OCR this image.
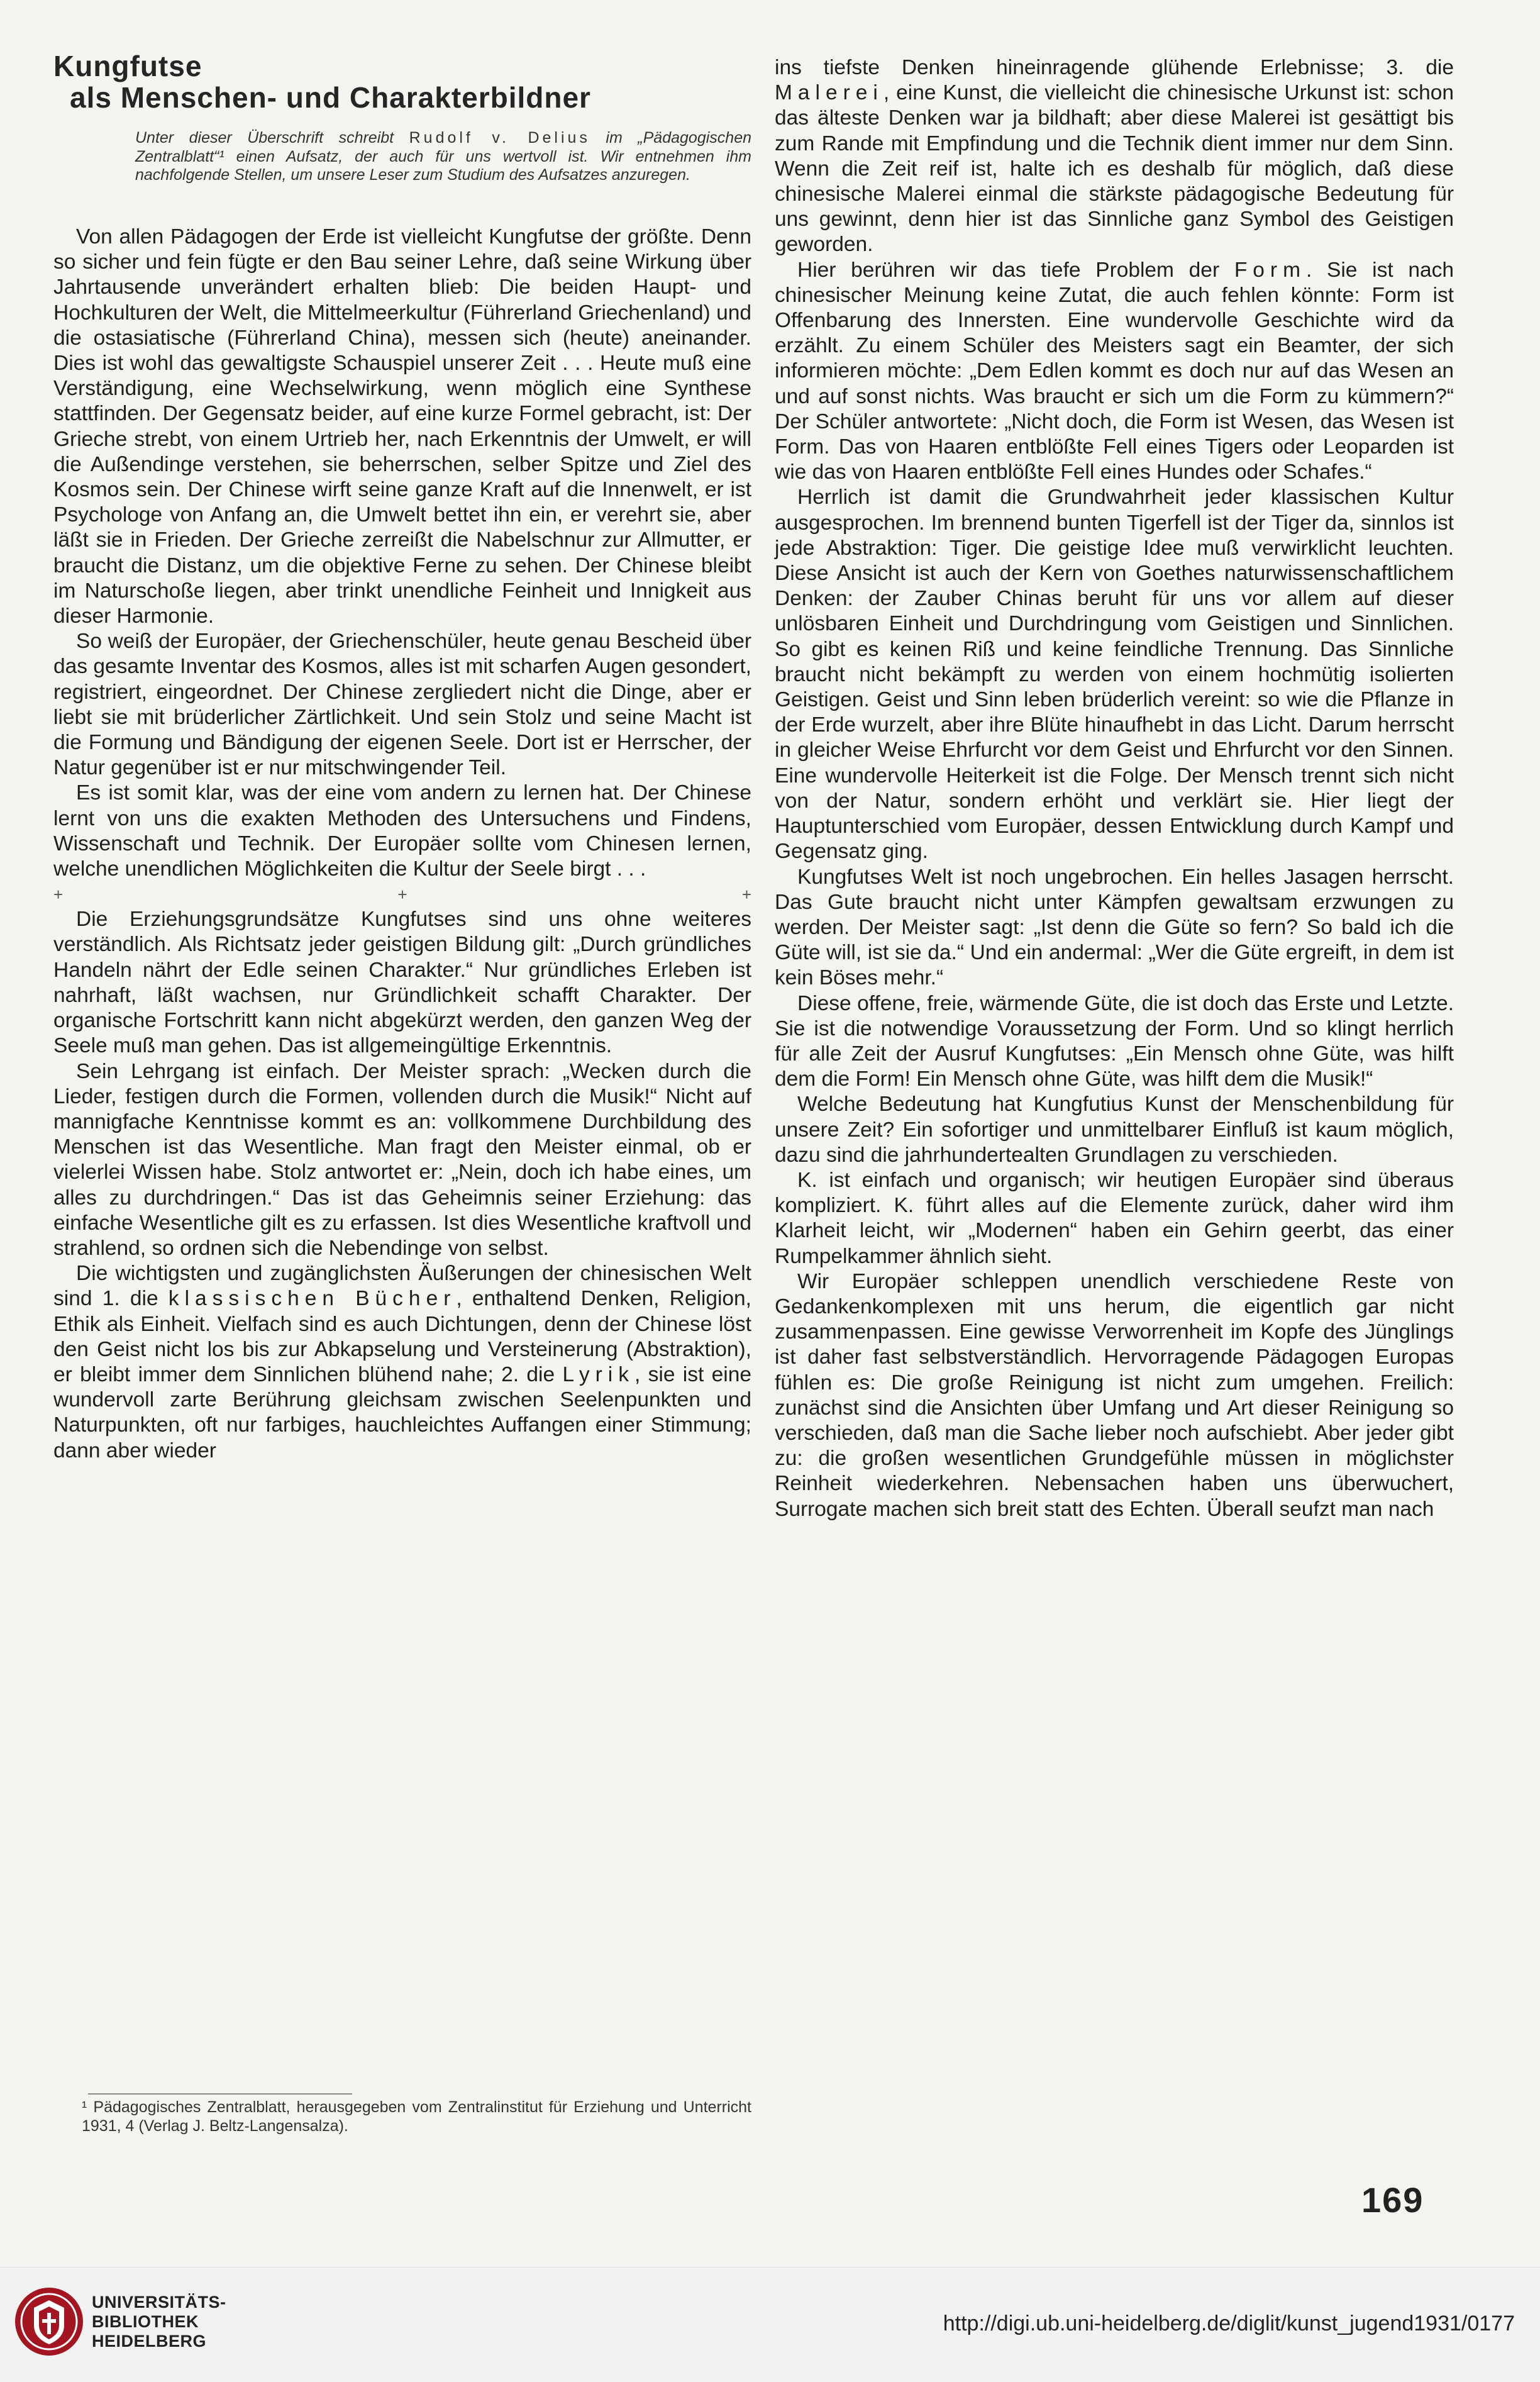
Kungfutse
als Menschen- und Charakterbildner
Unter dieser Überschrift schreibt Rudolf v. Delius im „Pädagogischen Zentralblatt“¹ einen Aufsatz, der auch für uns wertvoll ist. Wir entnehmen ihm nachfolgende Stellen, um unsere Leser zum Studium des Aufsatzes anzuregen.

Von allen Pädagogen der Erde ist vielleicht Kungfutse der größte. Denn so sicher und fein fügte er den Bau seiner Lehre, daß seine Wirkung über Jahrtausende unverändert erhalten blieb: Die beiden Haupt- und Hochkulturen der Welt, die Mittelmeerkultur (Führerland Griechenland) und die ostasiatische (Führerland China), messen sich (heute) aneinander. Dies ist wohl das gewaltigste Schauspiel unserer Zeit . . . Heute muß eine Verständigung, eine Wechselwirkung, wenn möglich eine Synthese stattfinden. Der Gegensatz beider, auf eine kurze Formel gebracht, ist: Der Grieche strebt, von einem Urtrieb her, nach Erkenntnis der Umwelt, er will die Außendinge verstehen, sie beherrschen, selber Spitze und Ziel des Kosmos sein. Der Chinese wirft seine ganze Kraft auf die Innenwelt, er ist Psychologe von Anfang an, die Umwelt bettet ihn ein, er verehrt sie, aber läßt sie in Frieden. Der Grieche zerreißt die Nabelschnur zur Allmutter, er braucht die Distanz, um die objektive Ferne zu sehen. Der Chinese bleibt im Naturschoße liegen, aber trinkt unendliche Feinheit und Innigkeit aus dieser Harmonie.

So weiß der Europäer, der Griechenschüler, heute genau Bescheid über das gesamte Inventar des Kosmos, alles ist mit scharfen Augen gesondert, registriert, eingeordnet. Der Chinese zergliedert nicht die Dinge, aber er liebt sie mit brüderlicher Zärtlichkeit. Und sein Stolz und seine Macht ist die Formung und Bändigung der eigenen Seele. Dort ist er Herrscher, der Natur gegenüber ist er nur mitschwingender Teil.

Es ist somit klar, was der eine vom andern zu lernen hat. Der Chinese lernt von uns die exakten Methoden des Untersuchens und Findens, Wissenschaft und Technik. Der Europäer sollte vom Chinesen lernen, welche unendlichen Möglichkeiten die Kultur der Seele birgt . . .

+	+	+

Die Erziehungsgrundsätze Kungfutses sind uns ohne weiteres verständlich. Als Richtsatz jeder geistigen Bildung gilt: „Durch gründliches Handeln nährt der Edle seinen Charakter.“ Nur gründliches Erleben ist nahrhaft, läßt wachsen, nur Gründlichkeit schafft Charakter. Der organische Fortschritt kann nicht abgekürzt werden, den ganzen Weg der Seele muß man gehen. Das ist allgemeingültige Erkenntnis.

Sein Lehrgang ist einfach. Der Meister sprach: „Wecken durch die Lieder, festigen durch die Formen, vollenden durch die Musik!“ Nicht auf mannigfache Kenntnisse kommt es an: vollkommene Durchbildung des Menschen ist das Wesentliche. Man fragt den Meister einmal, ob er vielerlei Wissen habe. Stolz antwortet er: „Nein, doch ich habe eines, um alles zu durchdringen.“ Das ist das Geheimnis seiner Erziehung: das einfache Wesentliche gilt es zu erfassen. Ist dies Wesentliche kraftvoll und strahlend, so ordnen sich die Nebendinge von selbst.

Die wichtigsten und zugänglichsten Äußerungen der chinesischen Welt sind 1. die klassischen Bücher, enthaltend Denken, Religion, Ethik als Einheit. Vielfach sind es auch Dichtungen, denn der Chinese löst den Geist nicht los bis zur Abkapselung und Versteinerung (Abstraktion), er bleibt immer dem Sinnlichen blühend nahe; 2. die Lyrik, sie ist eine wundervoll zarte Berührung gleichsam zwischen Seelenpunkten und Naturpunkten, oft nur farbiges, hauchleichtes Auffangen einer Stimmung; dann aber wieder

¹ Pädagogisches Zentralblatt, herausgegeben vom Zentralinstitut für Erziehung und Unterricht 1931, 4 (Verlag J. Beltz-Langensalza).

ins tiefste Denken hineinragende glühende Erlebnisse; 3. die Malerei, eine Kunst, die vielleicht die chinesische Urkunst ist: schon das älteste Denken war ja bildhaft; aber diese Malerei ist gesättigt bis zum Rande mit Empfindung und die Technik dient immer nur dem Sinn. Wenn die Zeit reif ist, halte ich es deshalb für möglich, daß diese chinesische Malerei einmal die stärkste pädagogische Bedeutung für uns gewinnt, denn hier ist das Sinnliche ganz Symbol des Geistigen geworden.

Hier berühren wir das tiefe Problem der Form. Sie ist nach chinesischer Meinung keine Zutat, die auch fehlen könnte: Form ist Offenbarung des Innersten. Eine wundervolle Geschichte wird da erzählt. Zu einem Schüler des Meisters sagt ein Beamter, der sich informieren möchte: „Dem Edlen kommt es doch nur auf das Wesen an und auf sonst nichts. Was braucht er sich um die Form zu kümmern?“ Der Schüler antwortete: „Nicht doch, die Form ist Wesen, das Wesen ist Form. Das von Haaren entblößte Fell eines Tigers oder Leoparden ist wie das von Haaren entblößte Fell eines Hundes oder Schafes.“

Herrlich ist damit die Grundwahrheit jeder klassischen Kultur ausgesprochen. Im brennend bunten Tigerfell ist der Tiger da, sinnlos ist jede Abstraktion: Tiger. Die geistige Idee muß verwirklicht leuchten. Diese Ansicht ist auch der Kern von Goethes naturwissenschaftlichem Denken: der Zauber Chinas beruht für uns vor allem auf dieser unlösbaren Einheit und Durchdringung vom Geistigen und Sinnlichen. So gibt es keinen Riß und keine feindliche Trennung. Das Sinnliche braucht nicht bekämpft zu werden von einem hochmütig isolierten Geistigen. Geist und Sinn leben brüderlich vereint: so wie die Pflanze in der Erde wurzelt, aber ihre Blüte hinaufhebt in das Licht. Darum herrscht in gleicher Weise Ehrfurcht vor dem Geist und Ehrfurcht vor den Sinnen. Eine wundervolle Heiterkeit ist die Folge. Der Mensch trennt sich nicht von der Natur, sondern erhöht und verklärt sie. Hier liegt der Hauptunterschied vom Europäer, dessen Entwicklung durch Kampf und Gegensatz ging.

Kungfutses Welt ist noch ungebrochen. Ein helles Jasagen herrscht. Das Gute braucht nicht unter Kämpfen gewaltsam erzwungen zu werden. Der Meister sagt: „Ist denn die Güte so fern? So bald ich die Güte will, ist sie da.“ Und ein andermal: „Wer die Güte ergreift, in dem ist kein Böses mehr.“

Diese offene, freie, wärmende Güte, die ist doch das Erste und Letzte. Sie ist die notwendige Voraussetzung der Form. Und so klingt herrlich für alle Zeit der Ausruf Kungfutses: „Ein Mensch ohne Güte, was hilft dem die Form! Ein Mensch ohne Güte, was hilft dem die Musik!“

Welche Bedeutung hat Kungfutius Kunst der Menschenbildung für unsere Zeit? Ein sofortiger und unmittelbarer Einfluß ist kaum möglich, dazu sind die jahrhundertealten Grundlagen zu verschieden.

K. ist einfach und organisch; wir heutigen Europäer sind überaus kompliziert. K. führt alles auf die Elemente zurück, daher wird ihm Klarheit leicht, wir „Modernen“ haben ein Gehirn geerbt, das einer Rumpelkammer ähnlich sieht.

Wir Europäer schleppen unendlich verschiedene Reste von Gedankenkomplexen mit uns herum, die eigentlich gar nicht zusammenpassen. Eine gewisse Verworrenheit im Kopfe des Jünglings ist daher fast selbstverständlich. Hervorragende Pädagogen Europas fühlen es: Die große Reinigung ist nicht zum umgehen. Freilich: zunächst sind die Ansichten über Umfang und Art dieser Reinigung so verschieden, daß man die Sache lieber noch aufschiebt. Aber jeder gibt zu: die großen wesentlichen Grundgefühle müssen in möglichster Reinheit wiederkehren. Nebensachen haben uns überwuchert, Surrogate machen sich breit statt des Echten. Überall seufzt man nach

169
UNIVERSITÄTS-
BIBLIOTHEK
HEIDELBERG
http://digi.ub.uni-heidelberg.de/diglit/kunst_jugend1931/0177
